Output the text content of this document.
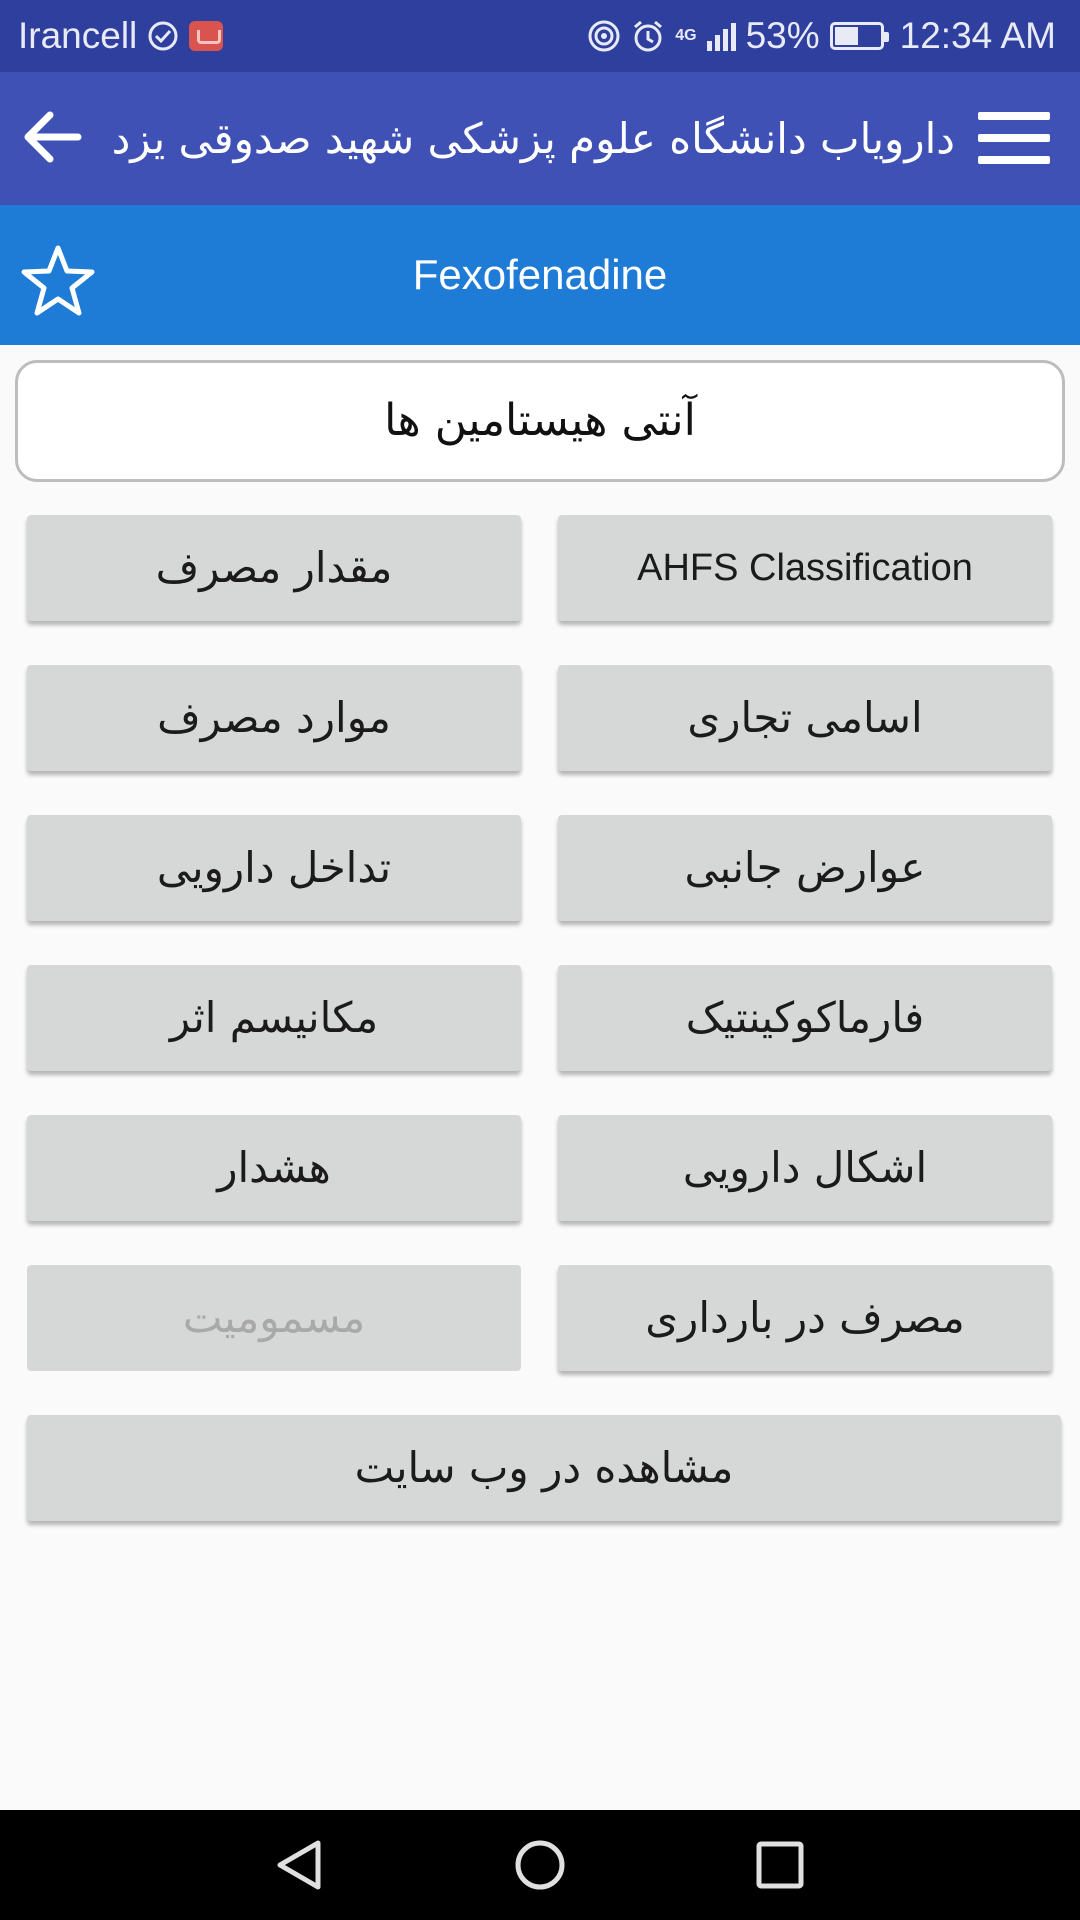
Irancell	4G 53% 12:34 AM
دارویاب دانشگاه علوم پزشکی شهید صدوقی یزد
Fexofenadine
آنتی هیستامین ها
AHFS Classification
مقدار مصرف
اسامی تجاری
موارد مصرف
عوارض جانبی
تداخل دارویی
فارماکوکینتیک
مکانیسم اثر
اشکال دارویی
هشدار
مصرف در بارداری
مسمومیت
مشاهده در وب سایت
